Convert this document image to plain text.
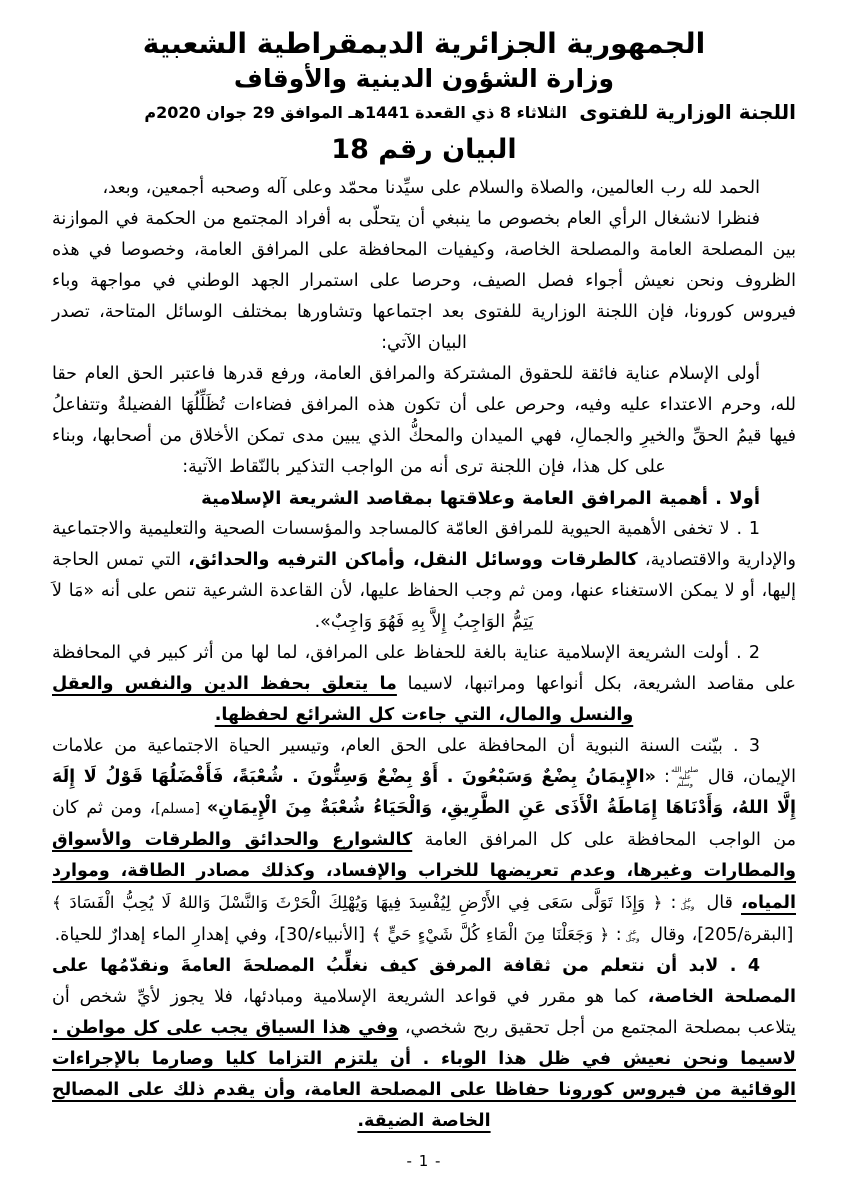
الجمهورية الجزائرية الديمقراطية الشعبية
وزارة الشؤون الدينية والأوقاف
اللجنة الوزارية للفتوى
الثلاثاء 8 ذي القعدة 1441هـ الموافق 29 جوان 2020م
البيان رقم 18

الحمد لله رب العالمين، والصلاة والسلام على سيِّدنا محمّد وعلى آله وصحبه أجمعين، وبعد،

فنظرا لانشغال الرأي العام بخصوص ما ينبغي أن يتحلّى به أفراد المجتمع من الحكمة في الموازنة بين المصلحة العامة والمصلحة الخاصة، وكيفيات المحافظة على المرافق العامة، وخصوصا في هذه الظروف ونحن نعيش أجواء فصل الصيف، وحرصا على استمرار الجهد الوطني في مواجهة وباء فيروس كورونا، فإن اللجنة الوزارية للفتوى بعد اجتماعها وتشاورها بمختلف الوسائل المتاحة، تصدر البيان الآتي:

أولى الإسلام عناية فائقة للحقوق المشتركة والمرافق العامة، ورفع قدرها فاعتبر الحق العام حقا لله، وحرم الاعتداء عليه وفيه، وحرص على أن تكون هذه المرافق فضاءات تُظَلِّلُهَا الفضيلةُ وتتفاعلُ فيها قيمُ الحقِّ والخيرِ والجمالِ، فهي الميدان والمحكُّ الذي يبين مدى تمكن الأخلاق من أصحابها، وبناء على كل هذا، فإن اللجنة ترى أنه من الواجب التذكير بالنّقاط الآتية:

أولا . أهمية المرافق العامة وعلاقتها بمقاصد الشريعة الإسلامية

1 . لا تخفى الأهمية الحيوية للمرافق العامّة كالمساجد والمؤسسات الصحية والتعليمية والاجتماعية والإدارية والاقتصادية، كالطرقات ووسائل النقل، وأماكن الترفيه والحدائق، التي تمس الحاجة إليها، أو لا يمكن الاستغناء عنها، ومن ثم وجب الحفاظ عليها، لأن القاعدة الشرعية تنص على أنه «مَا لاَ يَتِمُّ الوَاجِبُ إِلاَّ بِهِ فَهُوَ وَاجِبٌ».

2 . أولت الشريعة الإسلامية عناية بالغة للحفاظ على المرافق، لما لها من أثر كبير في المحافظة على مقاصد الشريعة، بكل أنواعها ومراتبها، لاسيما ما يتعلق بحفظ الدين والنفس والعقل والنسل والمال، التي جاءت كل الشرائع لحفظها.

3 . بيّنت السنة النبوية أن المحافظة على الحق العام، وتيسير الحياة الاجتماعية من علامات الإيمان، قال صلى الله عليه وسلم: «الإِيمَانُ بِضْعٌ وَسَبْعُونَ . أَوْ بِضْعٌ وَسِتُّونَ . شُعْبَةً، فَأَفْضَلُهَا قَوْلُ لَا إِلَهَ إِلَّا اللهُ، وَأَدْنَاهَا إِمَاطَةُ الْأَذَى عَنِ الطَّرِيقِ، وَالْحَيَاءُ شُعْبَةٌ مِنَ الْإِيمَانِ» [مسلم]، ومن ثم كان من الواجب المحافظة على كل المرافق العامة كالشوارع والحدائق والطرقات والأسواق والمطارات وغيرها، وعدم تعريضها للخراب والإفساد، وكذلك مصادر الطاقة، وموارد المياه، قال عز وجل: ﴿ وَإِذَا تَوَلَّى سَعَى فِي الأَرْضِ لِيُفْسِدَ فِيهَا وَيُهْلِكَ الْحَرْثَ وَالنَّسْلَ وَاللهُ لَا يُحِبُّ الْفَسَادَ ﴾ [البقرة/205]، وقال عز وجل: ﴿ وَجَعَلْنَا مِنَ الْمَاءِ كُلَّ شَيْءٍ حَيٍّ ﴾ [الأنبياء/30]، وفي إهدارِ الماء إهدارٌ للحياة.

4 . لابد أن نتعلم من ثقافة المرفق كيف نغلِّبُ المصلحةَ العامةَ ونقدّمُها على المصلحة الخاصة، كما هو مقرر في قواعد الشريعة الإسلامية ومبادئها، فلا يجوز لأيِّ شخص أن يتلاعب بمصلحة المجتمع من أجل تحقيق ربح شخصي، وفي هذا السياق يجب على كل مواطن . لاسيما ونحن نعيش في ظل هذا الوباء . أن يلتزم التزاما كليا وصارما بالإجراءات الوقائية من فيروس كورونا حفاظا على المصلحة العامة، وأن يقدم ذلك على المصالح الخاصة الضيقة.

- 1 -
